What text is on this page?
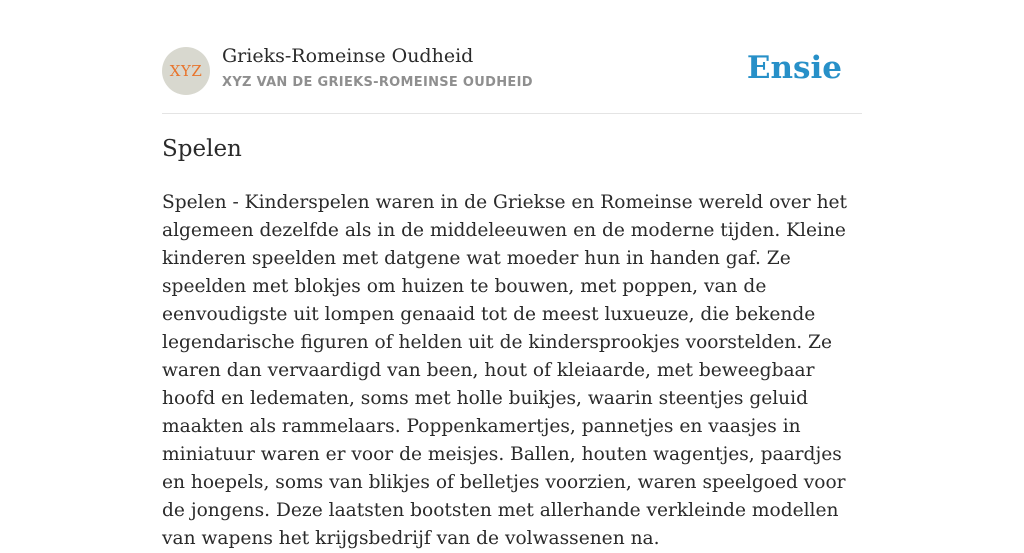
XYZ
Grieks-Romeinse Oudheid
XYZ VAN DE GRIEKS-ROMEINSE OUDHEID	Ensie
Spelen

Spelen - Kinderspelen waren in de Griekse en Romeinse wereld over het algemeen dezelfde als in de middeleeuwen en de moderne tijden. Kleine kinderen speelden met datgene wat moeder hun in handen gaf. Ze speelden met blokjes om huizen te bouwen, met poppen, van de eenvoudigste uit lompen genaaid tot de meest luxueuze, die bekende legendarische figuren of helden uit de kindersprookjes voorstelden. Ze waren dan vervaardigd van been, hout of kleiaarde, met beweegbaar hoofd en ledematen, soms met holle buikjes, waarin steentjes geluid maakten als rammelaars. Poppenkamertjes, pannetjes en vaasjes in miniatuur waren er voor de meisjes. Ballen, houten wagentjes, paardjes en hoepels, soms van blikjes of belletjes voorzien, waren speelgoed voor de jongens. Deze laatsten bootsten met allerhande verkleinde modellen van wapens het krijgsbedrijf van de volwassenen na.
